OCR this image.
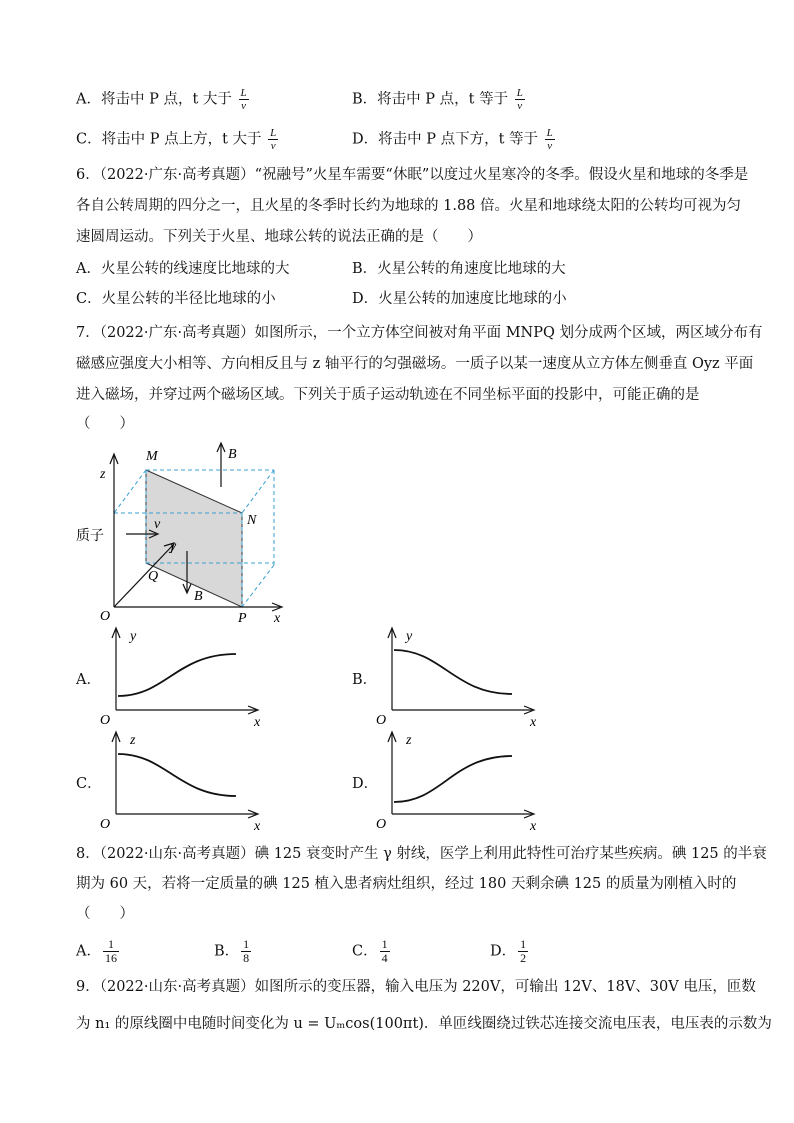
A．将击中 P 点，t 大于 $\frac{L}{v}$	B．将击中 P 点，t 等于 $\frac{L}{v}$
C．将击中 P 点上方，t 大于 $\frac{L}{v}$	D．将击中 P 点下方，t 等于 $\frac{L}{v}$
6．（2022·广东·高考真题）“祝融号”火星车需要“休眠”以度过火星寒冷的冬季。假设火星和地球的冬季是
各自公转周期的四分之一，且火星的冬季时长约为地球的 1.88 倍。火星和地球绕太阳的公转均可视为匀
速圆周运动。下列关于火星、地球公转的说法正确的是（　　）
A．火星公转的线速度比地球的大	B．火星公转的角速度比地球的大
C．火星公转的半径比地球的小	D．火星公转的加速度比地球的小
7．（2022·广东·高考真题）如图所示，一个立方体空间被对角平面 MNPQ 划分成两个区域，两区域分布有
磁感应强度大小相等、方向相反且与 z 轴平行的匀强磁场。一质子以某一速度从立方体左侧垂直 Oyz 平面
进入磁场，并穿过两个磁场区域。下列关于质子运动轨迹在不同坐标平面的投影中，可能正确的是
（　　）
z
M	B
N
v
y
质子
Q
B
O	P x
A．
y
O	x
B．
y
O	x
C．
z
O	x
D．
z
O	x
8．（2022·山东·高考真题）碘 125 衰变时产生 γ 射线，医学上利用此特性可治疗某些疾病。碘 125 的半衰
期为 60 天，若将一定质量的碘 125 植入患者病灶组织，经过 180 天剩余碘 125 的质量为刚植入时的
（　　）
A． $\frac{1}{16}$	B． $\frac{1}{8}$	C． $\frac{1}{4}$	D． $\frac{1}{2}$
9．（2022·山东·高考真题）如图所示的变压器，输入电压为 220V，可输出 12V、18V、30V 电压，匝数
为 n₁ 的原线圈中电随时间变化为 u = Uₘcos(100πt)．单匝线圈绕过铁芯连接交流电压表，电压表的示数为
